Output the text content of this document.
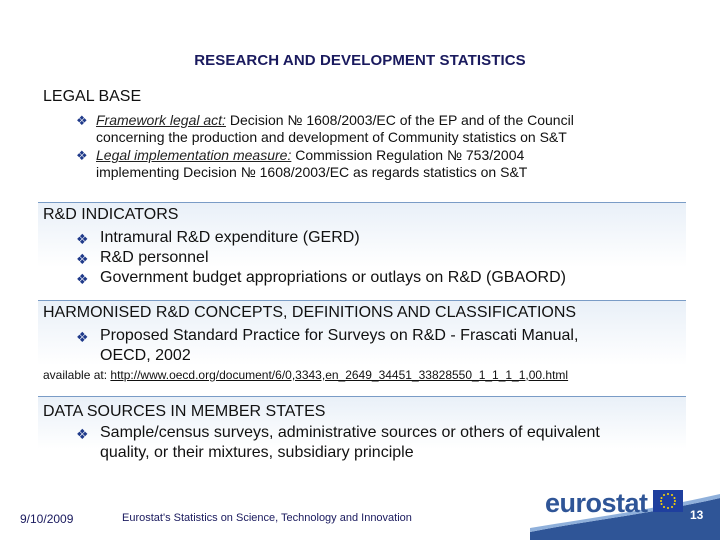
RESEARCH AND DEVELOPMENT STATISTICS
LEGAL BASE
❖ Framework legal act: Decision № 1608/2003/EC of the EP and of the Council
concerning the production and development of Community statistics on S&T
❖ Legal implementation measure: Commission Regulation № 753/2004
implementing Decision № 1608/2003/EC as regards statistics on S&T
R&D INDICATORS
❖ Intramural R&D expenditure (GERD)
❖ R&D personnel
❖ Government budget appropriations or outlays on R&D (GBAORD)
HARMONISED R&D CONCEPTS, DEFINITIONS AND CLASSIFICATIONS
❖ Proposed Standard Practice for Surveys on R&D - Frascati Manual,
OECD, 2002
available at: http://www.oecd.org/document/6/0,3343,en_2649_34451_33828550_1_1_1_1,00.html
DATA SOURCES IN MEMBER STATES
❖ Sample/census surveys, administrative sources or others of equivalent
quality, or their mixtures, subsidiary principle
eurostat
9/10/2009	Eurostat's Statistics on Science, Technology and Innovation	13
